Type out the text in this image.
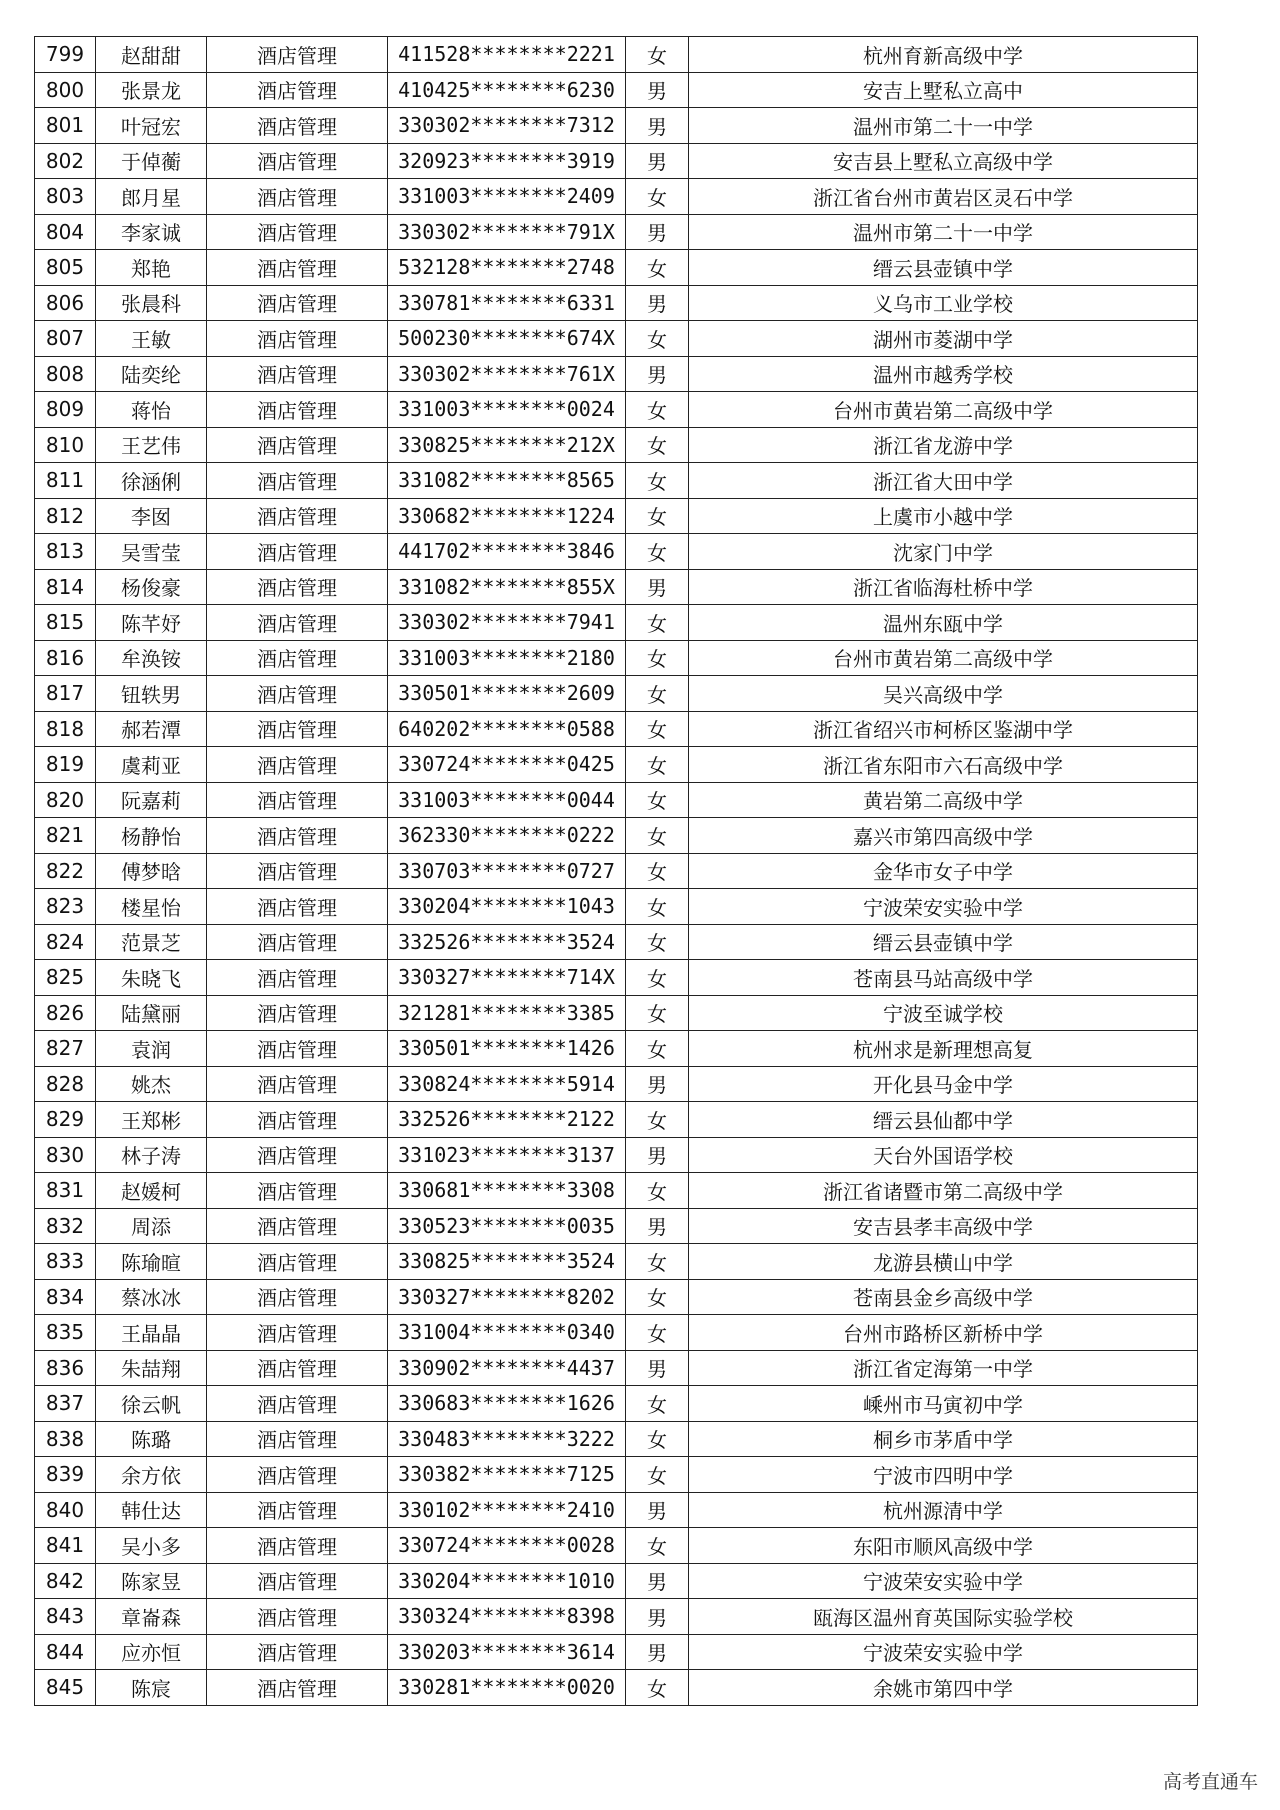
799	赵甜甜	酒店管理	411528********2221	女	杭州育新高级中学
800	张景龙	酒店管理	410425********6230	男	安吉上墅私立高中
801	叶冠宏	酒店管理	330302********7312	男	温州市第二十一中学
802	于倬蘅	酒店管理	320923********3919	男	安吉县上墅私立高级中学
803	郎月星	酒店管理	331003********2409	女	浙江省台州市黄岩区灵石中学
804	李家诚	酒店管理	330302********791X	男	温州市第二十一中学
805	郑艳	酒店管理	532128********2748	女	缙云县壶镇中学
806	张晨科	酒店管理	330781********6331	男	义乌市工业学校
807	王敏	酒店管理	500230********674X	女	湖州市菱湖中学
808	陆奕纶	酒店管理	330302********761X	男	温州市越秀学校
809	蒋怡	酒店管理	331003********0024	女	台州市黄岩第二高级中学
810	王艺伟	酒店管理	330825********212X	女	浙江省龙游中学
811	徐涵俐	酒店管理	331082********8565	女	浙江省大田中学
812	李囡	酒店管理	330682********1224	女	上虞市小越中学
813	吴雪莹	酒店管理	441702********3846	女	沈家门中学
814	杨俊豪	酒店管理	331082********855X	男	浙江省临海杜桥中学
815	陈芊妤	酒店管理	330302********7941	女	温州东瓯中学
816	牟涣铵	酒店管理	331003********2180	女	台州市黄岩第二高级中学
817	钮轶男	酒店管理	330501********2609	女	吴兴高级中学
818	郝若潭	酒店管理	640202********0588	女	浙江省绍兴市柯桥区鉴湖中学
819	虞莉亚	酒店管理	330724********0425	女	浙江省东阳市六石高级中学
820	阮嘉莉	酒店管理	331003********0044	女	黄岩第二高级中学
821	杨静怡	酒店管理	362330********0222	女	嘉兴市第四高级中学
822	傅梦晗	酒店管理	330703********0727	女	金华市女子中学
823	楼星怡	酒店管理	330204********1043	女	宁波荣安实验中学
824	范景芝	酒店管理	332526********3524	女	缙云县壶镇中学
825	朱晓飞	酒店管理	330327********714X	女	苍南县马站高级中学
826	陆黛丽	酒店管理	321281********3385	女	宁波至诚学校
827	袁润	酒店管理	330501********1426	女	杭州求是新理想高复
828	姚杰	酒店管理	330824********5914	男	开化县马金中学
829	王郑彬	酒店管理	332526********2122	女	缙云县仙都中学
830	林子涛	酒店管理	331023********3137	男	天台外国语学校
831	赵媛柯	酒店管理	330681********3308	女	浙江省诸暨市第二高级中学
832	周添	酒店管理	330523********0035	男	安吉县孝丰高级中学
833	陈瑜暄	酒店管理	330825********3524	女	龙游县横山中学
834	蔡冰冰	酒店管理	330327********8202	女	苍南县金乡高级中学
835	王晶晶	酒店管理	331004********0340	女	台州市路桥区新桥中学
836	朱喆翔	酒店管理	330902********4437	男	浙江省定海第一中学
837	徐云帆	酒店管理	330683********1626	女	嵊州市马寅初中学
838	陈璐	酒店管理	330483********3222	女	桐乡市茅盾中学
839	余方依	酒店管理	330382********7125	女	宁波市四明中学
840	韩仕达	酒店管理	330102********2410	男	杭州源清中学
841	吴小多	酒店管理	330724********0028	女	东阳市顺风高级中学
842	陈家昱	酒店管理	330204********1010	男	宁波荣安实验中学
843	章崙森	酒店管理	330324********8398	男	瓯海区温州育英国际实验学校
844	应亦恒	酒店管理	330203********3614	男	宁波荣安实验中学
845	陈宸	酒店管理	330281********0020	女	余姚市第四中学
高考直通车
